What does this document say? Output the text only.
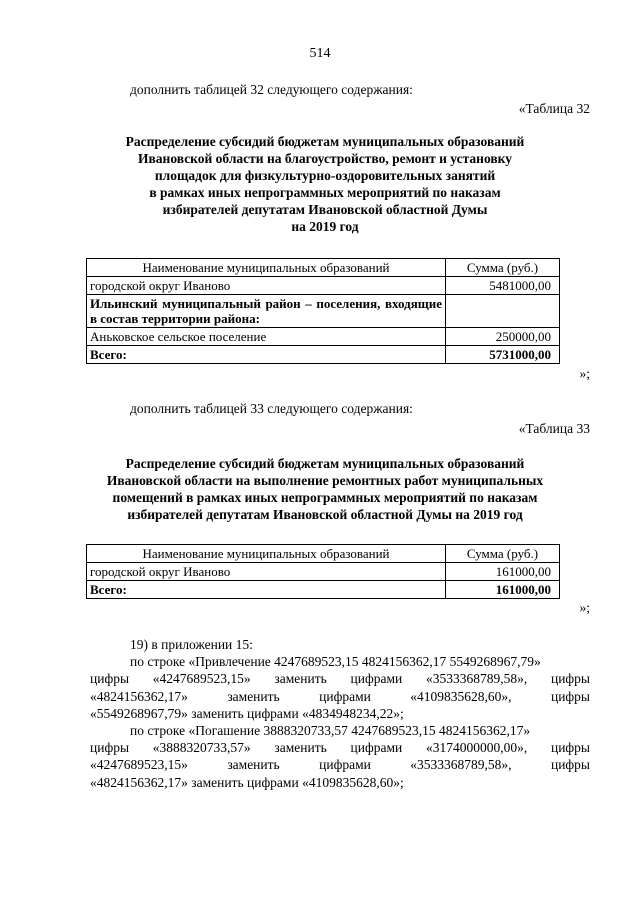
514
дополнить таблицей 32 следующего содержания:
«Таблица 32
Распределение субсидий бюджетам муниципальных образований
Ивановской области на благоустройство, ремонт и установку
площадок для физкультурно-оздоровительных занятий
в рамках иных непрограммных мероприятий по наказам
избирателей депутатам Ивановской областной Думы
на 2019 год
Наименование муниципальных образований	Сумма (руб.)
городской округ Иваново	5481000,00
Ильинский муниципальный район – поселения, входящие в состав территории района:	
Аньковское сельское поселение	250000,00
Всего:	5731000,00
»;
дополнить таблицей 33 следующего содержания:
«Таблица 33
Распределение субсидий бюджетам муниципальных образований
Ивановской области на выполнение ремонтных работ муниципальных
помещений в рамках иных непрограммных мероприятий по наказам
избирателей депутатам Ивановской областной Думы на 2019 год
Наименование муниципальных образований	Сумма (руб.)
городской округ Иваново	161000,00
Всего:	161000,00
»;
19) в приложении 15:
по строке «Привлечение 4247689523,15 4824156362,17 5549268967,79»
цифры «4247689523,15» заменить цифрами «3533368789,58», цифры
«4824156362,17» заменить цифрами «4109835628,60», цифры
«5549268967,79» заменить цифрами «4834948234,22»;
по строке «Погашение 3888320733,57 4247689523,15 4824156362,17»
цифры «3888320733,57» заменить цифрами «3174000000,00», цифры
«4247689523,15» заменить цифрами «3533368789,58», цифры
«4824156362,17» заменить цифрами «4109835628,60»;
